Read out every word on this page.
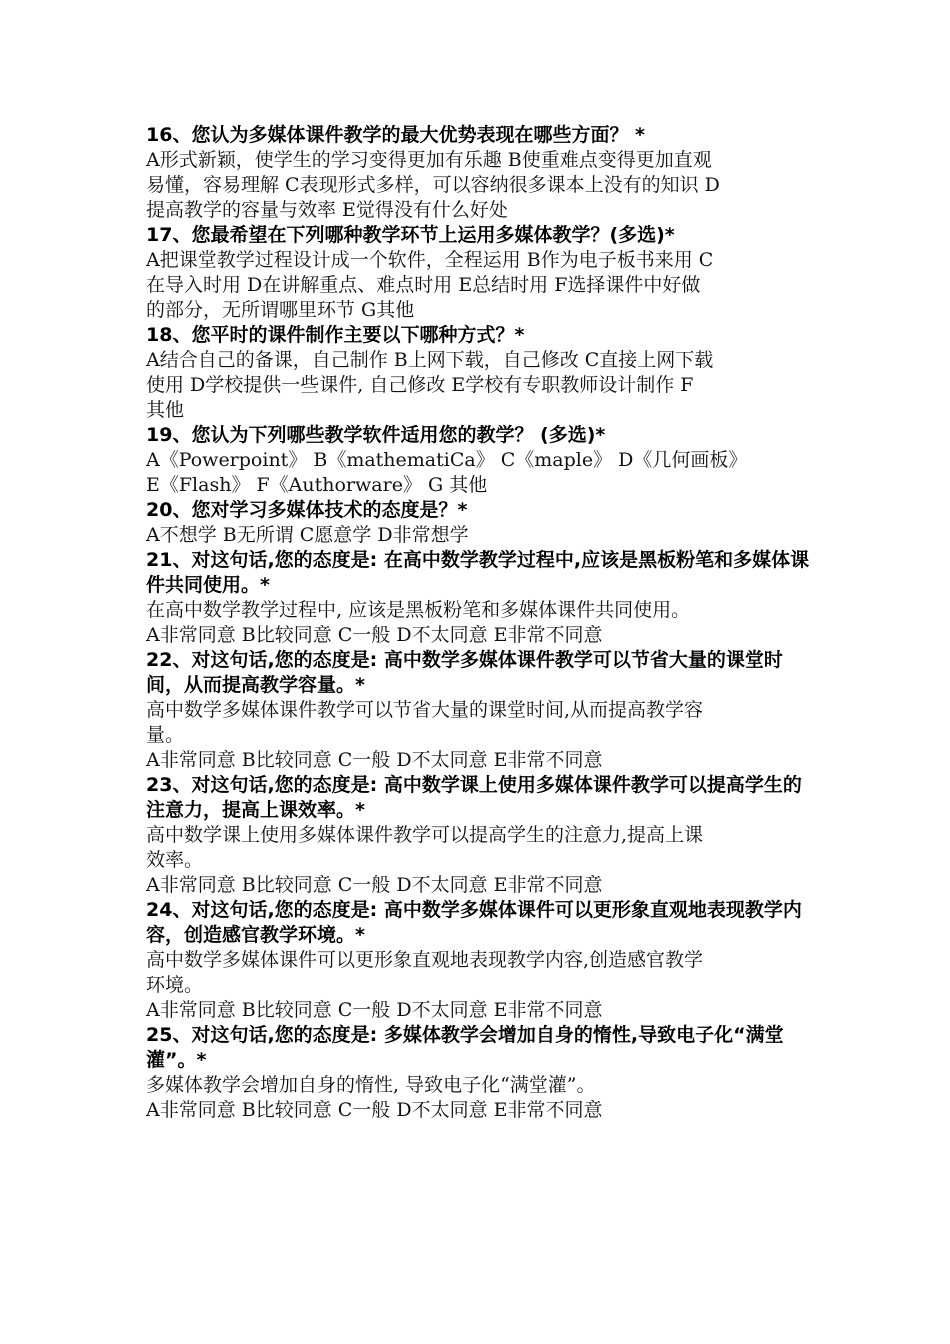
16、您认为多媒体课件教学的最大优势表现在哪些方面？ *

A形式新颖，使学生的学习变得更加有乐趣 B使重难点变得更加直观

易懂，容易理解 C表现形式多样，可以容纳很多课本上没有的知识 D

提高教学的容量与效率 E觉得没有什么好处

17、您最希望在下列哪种教学环节上运用多媒体教学？(多选)*

A把课堂教学过程设计成一个软件，全程运用 B作为电子板书来用 C

在导入时用 D在讲解重点、难点时用 E总结时用 F选择课件中好做

的部分，无所谓哪里环节 G其他

18、您平时的课件制作主要以下哪种方式？*

A结合自己的备课，自己制作 B上网下载，自己修改 C直接上网下载

使用 D学校提供一些课件, 自己修改 E学校有专职教师设计制作 F

其他

19、您认为下列哪些教学软件适用您的教学？ (多选)*

A《Powerpoint》 B《mathematiCa》 C《maple》 D《几何画板》

E《Flash》 F《Authorware》 G 其他

20、您对学习多媒体技术的态度是？*

A不想学 B无所谓 C愿意学 D非常想学

21、对这句话,您的态度是: 在高中数学教学过程中,应该是黑板粉笔和多媒体课件共同使用。*

在高中数学教学过程中, 应该是黑板粉笔和多媒体课件共同使用。

A非常同意 B比较同意 C一般 D不太同意 E非常不同意

22、对这句话,您的态度是: 高中数学多媒体课件教学可以节省大量的课堂时间，从而提高教学容量。*

高中数学多媒体课件教学可以节省大量的课堂时间,从而提高教学容

量。

A非常同意 B比较同意 C一般 D不太同意 E非常不同意

23、对这句话,您的态度是: 高中数学课上使用多媒体课件教学可以提高学生的注意力，提高上课效率。*

高中数学课上使用多媒体课件教学可以提高学生的注意力,提高上课

效率。

A非常同意 B比较同意 C一般 D不太同意 E非常不同意

24、对这句话,您的态度是: 高中数学多媒体课件可以更形象直观地表现教学内容，创造感官教学环境。*

高中数学多媒体课件可以更形象直观地表现教学内容,创造感官教学

环境。

A非常同意 B比较同意 C一般 D不太同意 E非常不同意

25、对这句话,您的态度是: 多媒体教学会增加自身的惰性,导致电子化“满堂灌”。*

多媒体教学会增加自身的惰性, 导致电子化“满堂灌”。

A非常同意 B比较同意 C一般 D不太同意 E非常不同意
